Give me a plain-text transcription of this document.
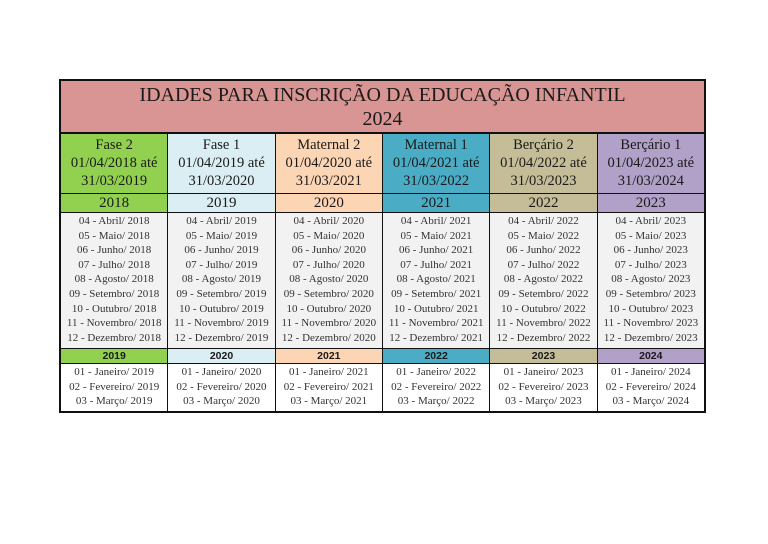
IDADES PARA INSCRIÇÃO DA EDUCAÇÃO INFANTIL
2024
Fase 2
01/04/2018 até
31/03/2019
2018
04 - Abril/ 2018
05 - Maio/ 2018
06 - Junho/ 2018
07 - Julho/ 2018
08 - Agosto/ 2018
09 - Setembro/ 2018
10 - Outubro/ 2018
11 - Novembro/ 2018
12 - Dezembro/ 2018
2019
01 - Janeiro/ 2019
02 - Fevereiro/ 2019
03 - Março/ 2019
Fase 1
01/04/2019 até
31/03/2020
2019
04 - Abril/ 2019
05 - Maio/ 2019
06 - Junho/ 2019
07 - Julho/ 2019
08 - Agosto/ 2019
09 - Setembro/ 2019
10 - Outubro/ 2019
11 - Novembro/ 2019
12 - Dezembro/ 2019
2020
01 - Janeiro/ 2020
02 - Fevereiro/ 2020
03 - Março/ 2020
Maternal 2
01/04/2020 até
31/03/2021
2020
04 - Abril/ 2020
05 - Maio/ 2020
06 - Junho/ 2020
07 - Julho/ 2020
08 - Agosto/ 2020
09 - Setembro/ 2020
10 - Outubro/ 2020
11 - Novembro/ 2020
12 - Dezembro/ 2020
2021
01 - Janeiro/ 2021
02 - Fevereiro/ 2021
03 - Março/ 2021
Maternal 1
01/04/2021 até
31/03/2022
2021
04 - Abril/ 2021
05 - Maio/ 2021
06 - Junho/ 2021
07 - Julho/ 2021
08 - Agosto/ 2021
09 - Setembro/ 2021
10 - Outubro/ 2021
11 - Novembro/ 2021
12 - Dezembro/ 2021
2022
01 - Janeiro/ 2022
02 - Fevereiro/ 2022
03 - Março/ 2022
Berçário 2
01/04/2022 até
31/03/2023
2022
04 - Abril/ 2022
05 - Maio/ 2022
06 - Junho/ 2022
07 - Julho/ 2022
08 - Agosto/ 2022
09 - Setembro/ 2022
10 - Outubro/ 2022
11 - Novembro/ 2022
12 - Dezembro/ 2022
2023
01 - Janeiro/ 2023
02 - Fevereiro/ 2023
03 - Março/ 2023
Berçário 1
01/04/2023 até
31/03/2024
2023
04 - Abril/ 2023
05 - Maio/ 2023
06 - Junho/ 2023
07 - Julho/ 2023
08 - Agosto/ 2023
09 - Setembro/ 2023
10 - Outubro/ 2023
11 - Novembro/ 2023
12 - Dezembro/ 2023
2024
01 - Janeiro/ 2024
02 - Fevereiro/ 2024
03 - Março/ 2024
